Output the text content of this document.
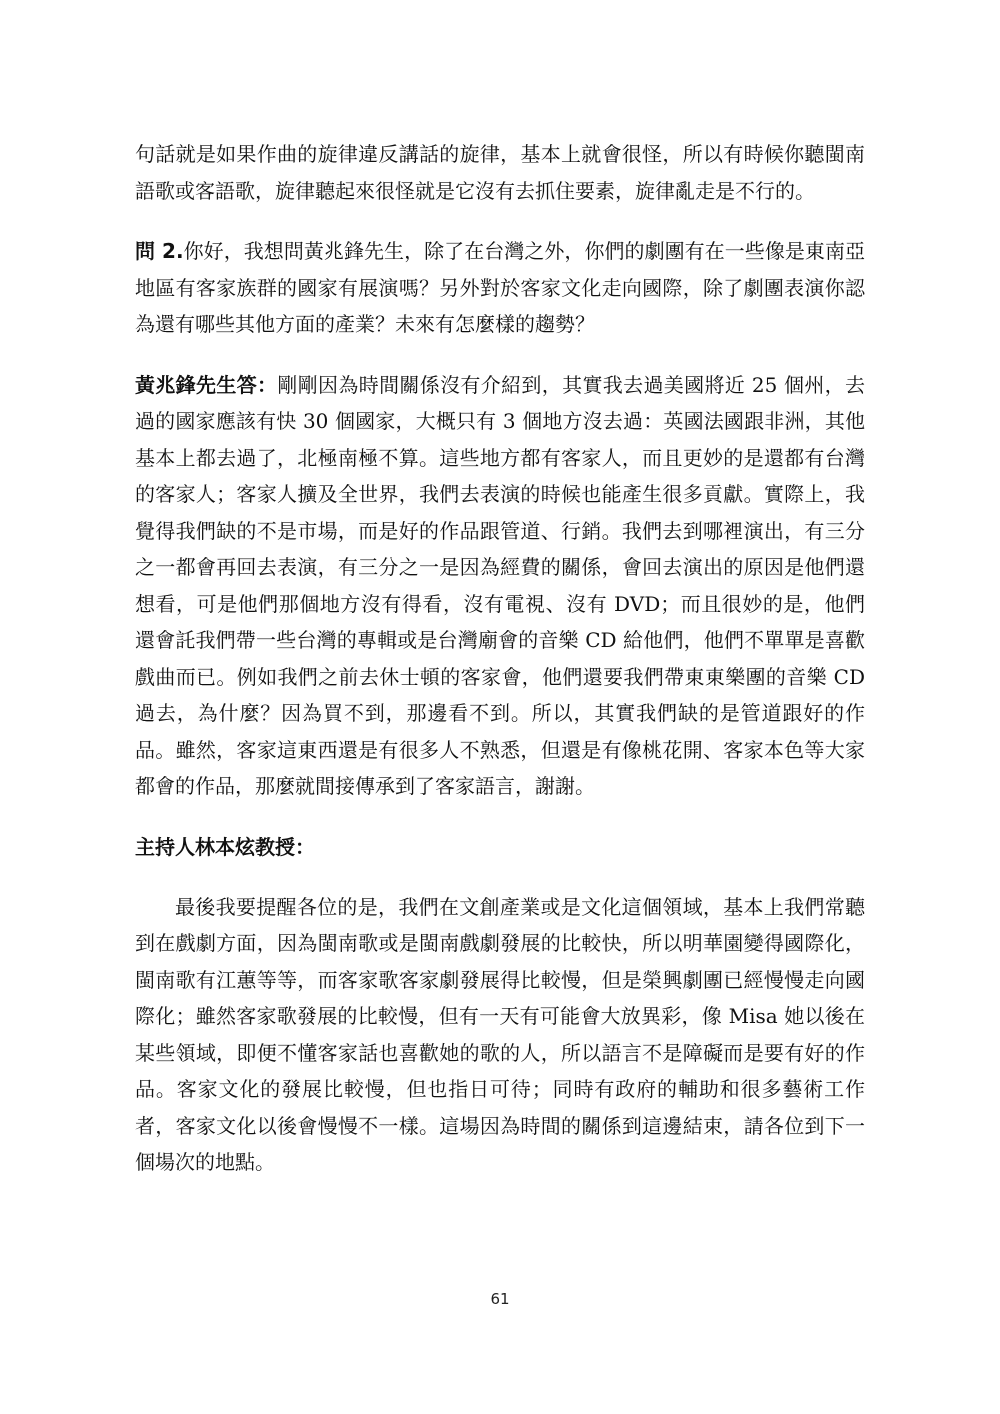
句話就是如果作曲的旋律違反講話的旋律，基本上就會很怪，所以有時候你聽閩南語歌或客語歌，旋律聽起來很怪就是它沒有去抓住要素，旋律亂走是不行的。

問 2.你好，我想問黃兆鋒先生，除了在台灣之外，你們的劇團有在一些像是東南亞地區有客家族群的國家有展演嗎？另外對於客家文化走向國際，除了劇團表演你認為還有哪些其他方面的產業？未來有怎麼樣的趨勢？

黃兆鋒先生答：剛剛因為時間關係沒有介紹到，其實我去過美國將近 25 個州，去過的國家應該有快 30 個國家，大概只有 3 個地方沒去過：英國法國跟非洲，其他基本上都去過了，北極南極不算。這些地方都有客家人，而且更妙的是還都有台灣的客家人；客家人擴及全世界，我們去表演的時候也能產生很多貢獻。實際上，我覺得我們缺的不是市場，而是好的作品跟管道、行銷。我們去到哪裡演出，有三分之一都會再回去表演，有三分之一是因為經費的關係，會回去演出的原因是他們還想看，可是他們那個地方沒有得看，沒有電視、沒有 DVD；而且很妙的是，他們還會託我們帶一些台灣的專輯或是台灣廟會的音樂 CD 給他們，他們不單單是喜歡戲曲而已。例如我們之前去休士頓的客家會，他們還要我們帶東東樂團的音樂 CD 過去，為什麼？因為買不到，那邊看不到。所以，其實我們缺的是管道跟好的作品。雖然，客家這東西還是有很多人不熟悉，但還是有像桃花開、客家本色等大家都會的作品，那麼就間接傳承到了客家語言，謝謝。

主持人林本炫教授：

最後我要提醒各位的是，我們在文創產業或是文化這個領域，基本上我們常聽到在戲劇方面，因為閩南歌或是閩南戲劇發展的比較快，所以明華園變得國際化，閩南歌有江蕙等等，而客家歌客家劇發展得比較慢，但是榮興劇團已經慢慢走向國際化；雖然客家歌發展的比較慢，但有一天有可能會大放異彩，像 Misa 她以後在某些領域，即便不懂客家話也喜歡她的歌的人，所以語言不是障礙而是要有好的作品。客家文化的發展比較慢，但也指日可待；同時有政府的輔助和很多藝術工作者，客家文化以後會慢慢不一樣。這場因為時間的關係到這邊結束，請各位到下一個場次的地點。

61
